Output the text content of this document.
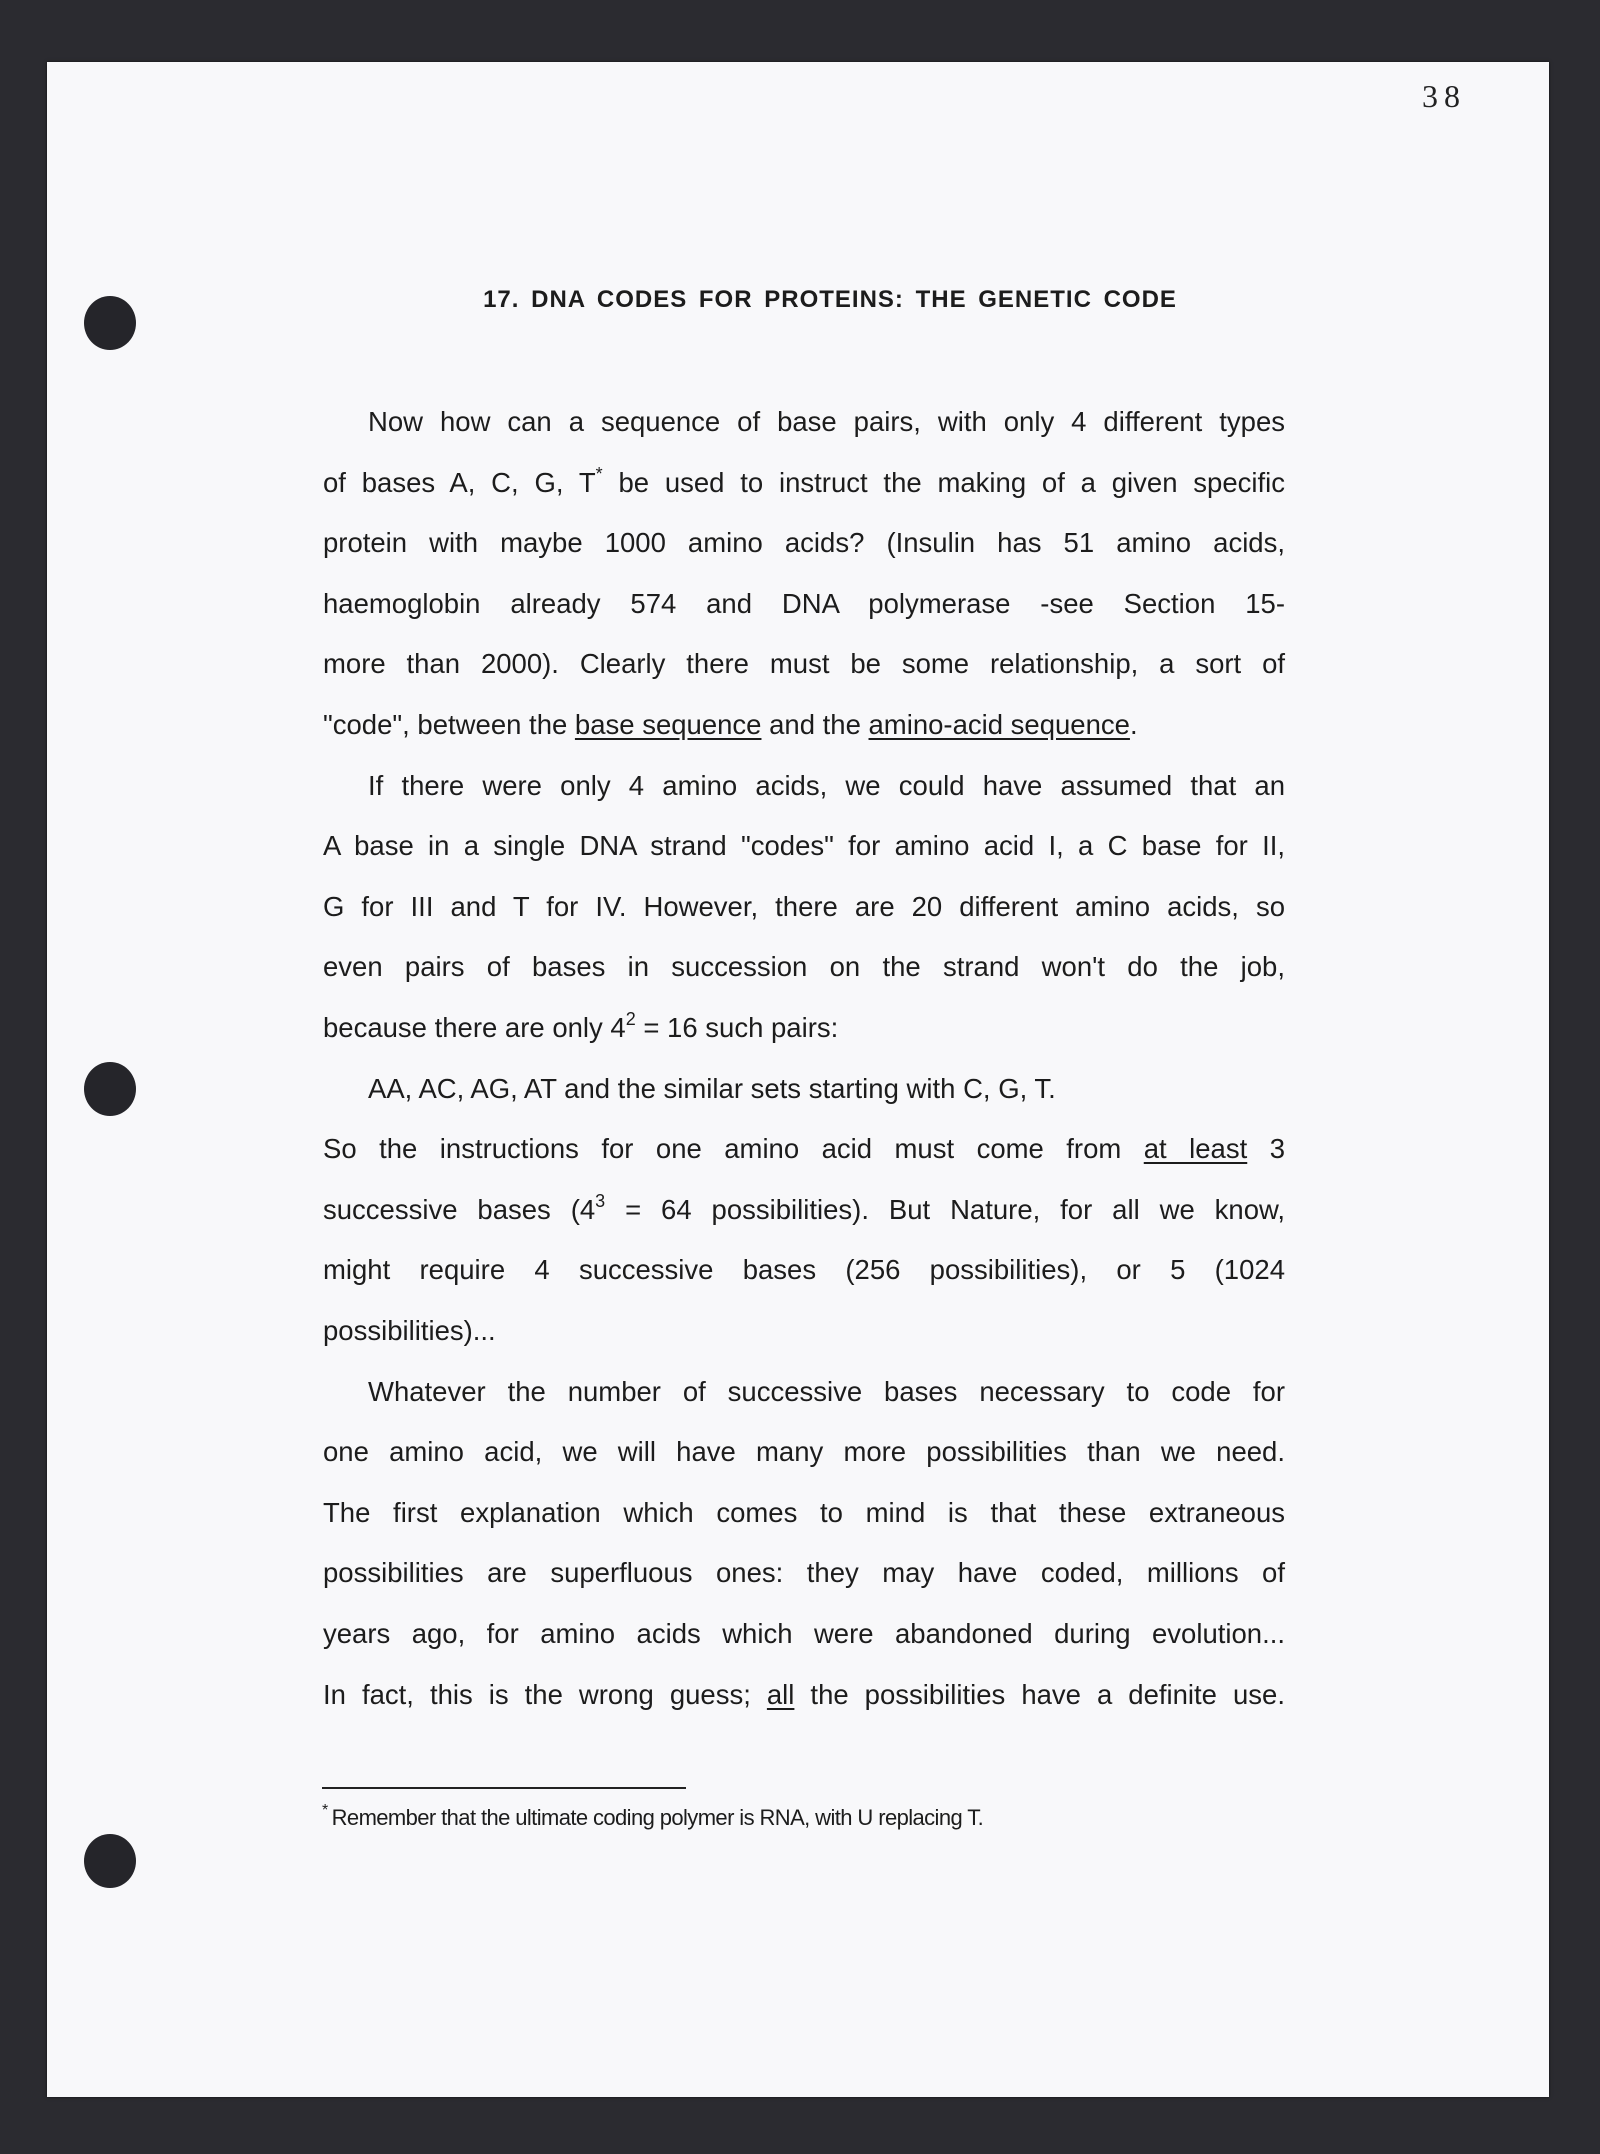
38
17. DNA CODES FOR PROTEINS: THE GENETIC CODE
Now how can a sequence of base pairs, with only 4 different types
of bases A, C, G, T* be used to instruct the making of a given specific
protein with maybe 1000 amino acids? (Insulin has 51 amino acids,
haemoglobin already 574 and DNA polymerase -see Section 15-
more than 2000). Clearly there must be some relationship, a sort of
"code", between the base sequence and the amino-acid sequence.
If there were only 4 amino acids, we could have assumed that an
A base in a single DNA strand "codes" for amino acid I, a C base for II,
G for III and T for IV. However, there are 20 different amino acids, so
even pairs of bases in succession on the strand won't do the job,
because there are only $4^2 = 16$ such pairs:
AA, AC, AG, AT and the similar sets starting with C, G, T.
So the instructions for one amino acid must come from at least 3
successive bases ($4^3 = 64$ possibilities). But Nature, for all we know,
might require 4 successive bases (256 possibilities), or 5 (1024
possibilities)...
Whatever the number of successive bases necessary to code for
one amino acid, we will have many more possibilities than we need.
The first explanation which comes to mind is that these extraneous
possibilities are superfluous ones: they may have coded, millions of
years ago, for amino acids which were abandoned during evolution...
In fact, this is the wrong guess; all the possibilities have a definite use.
* Remember that the ultimate coding polymer is RNA, with U replacing T.
